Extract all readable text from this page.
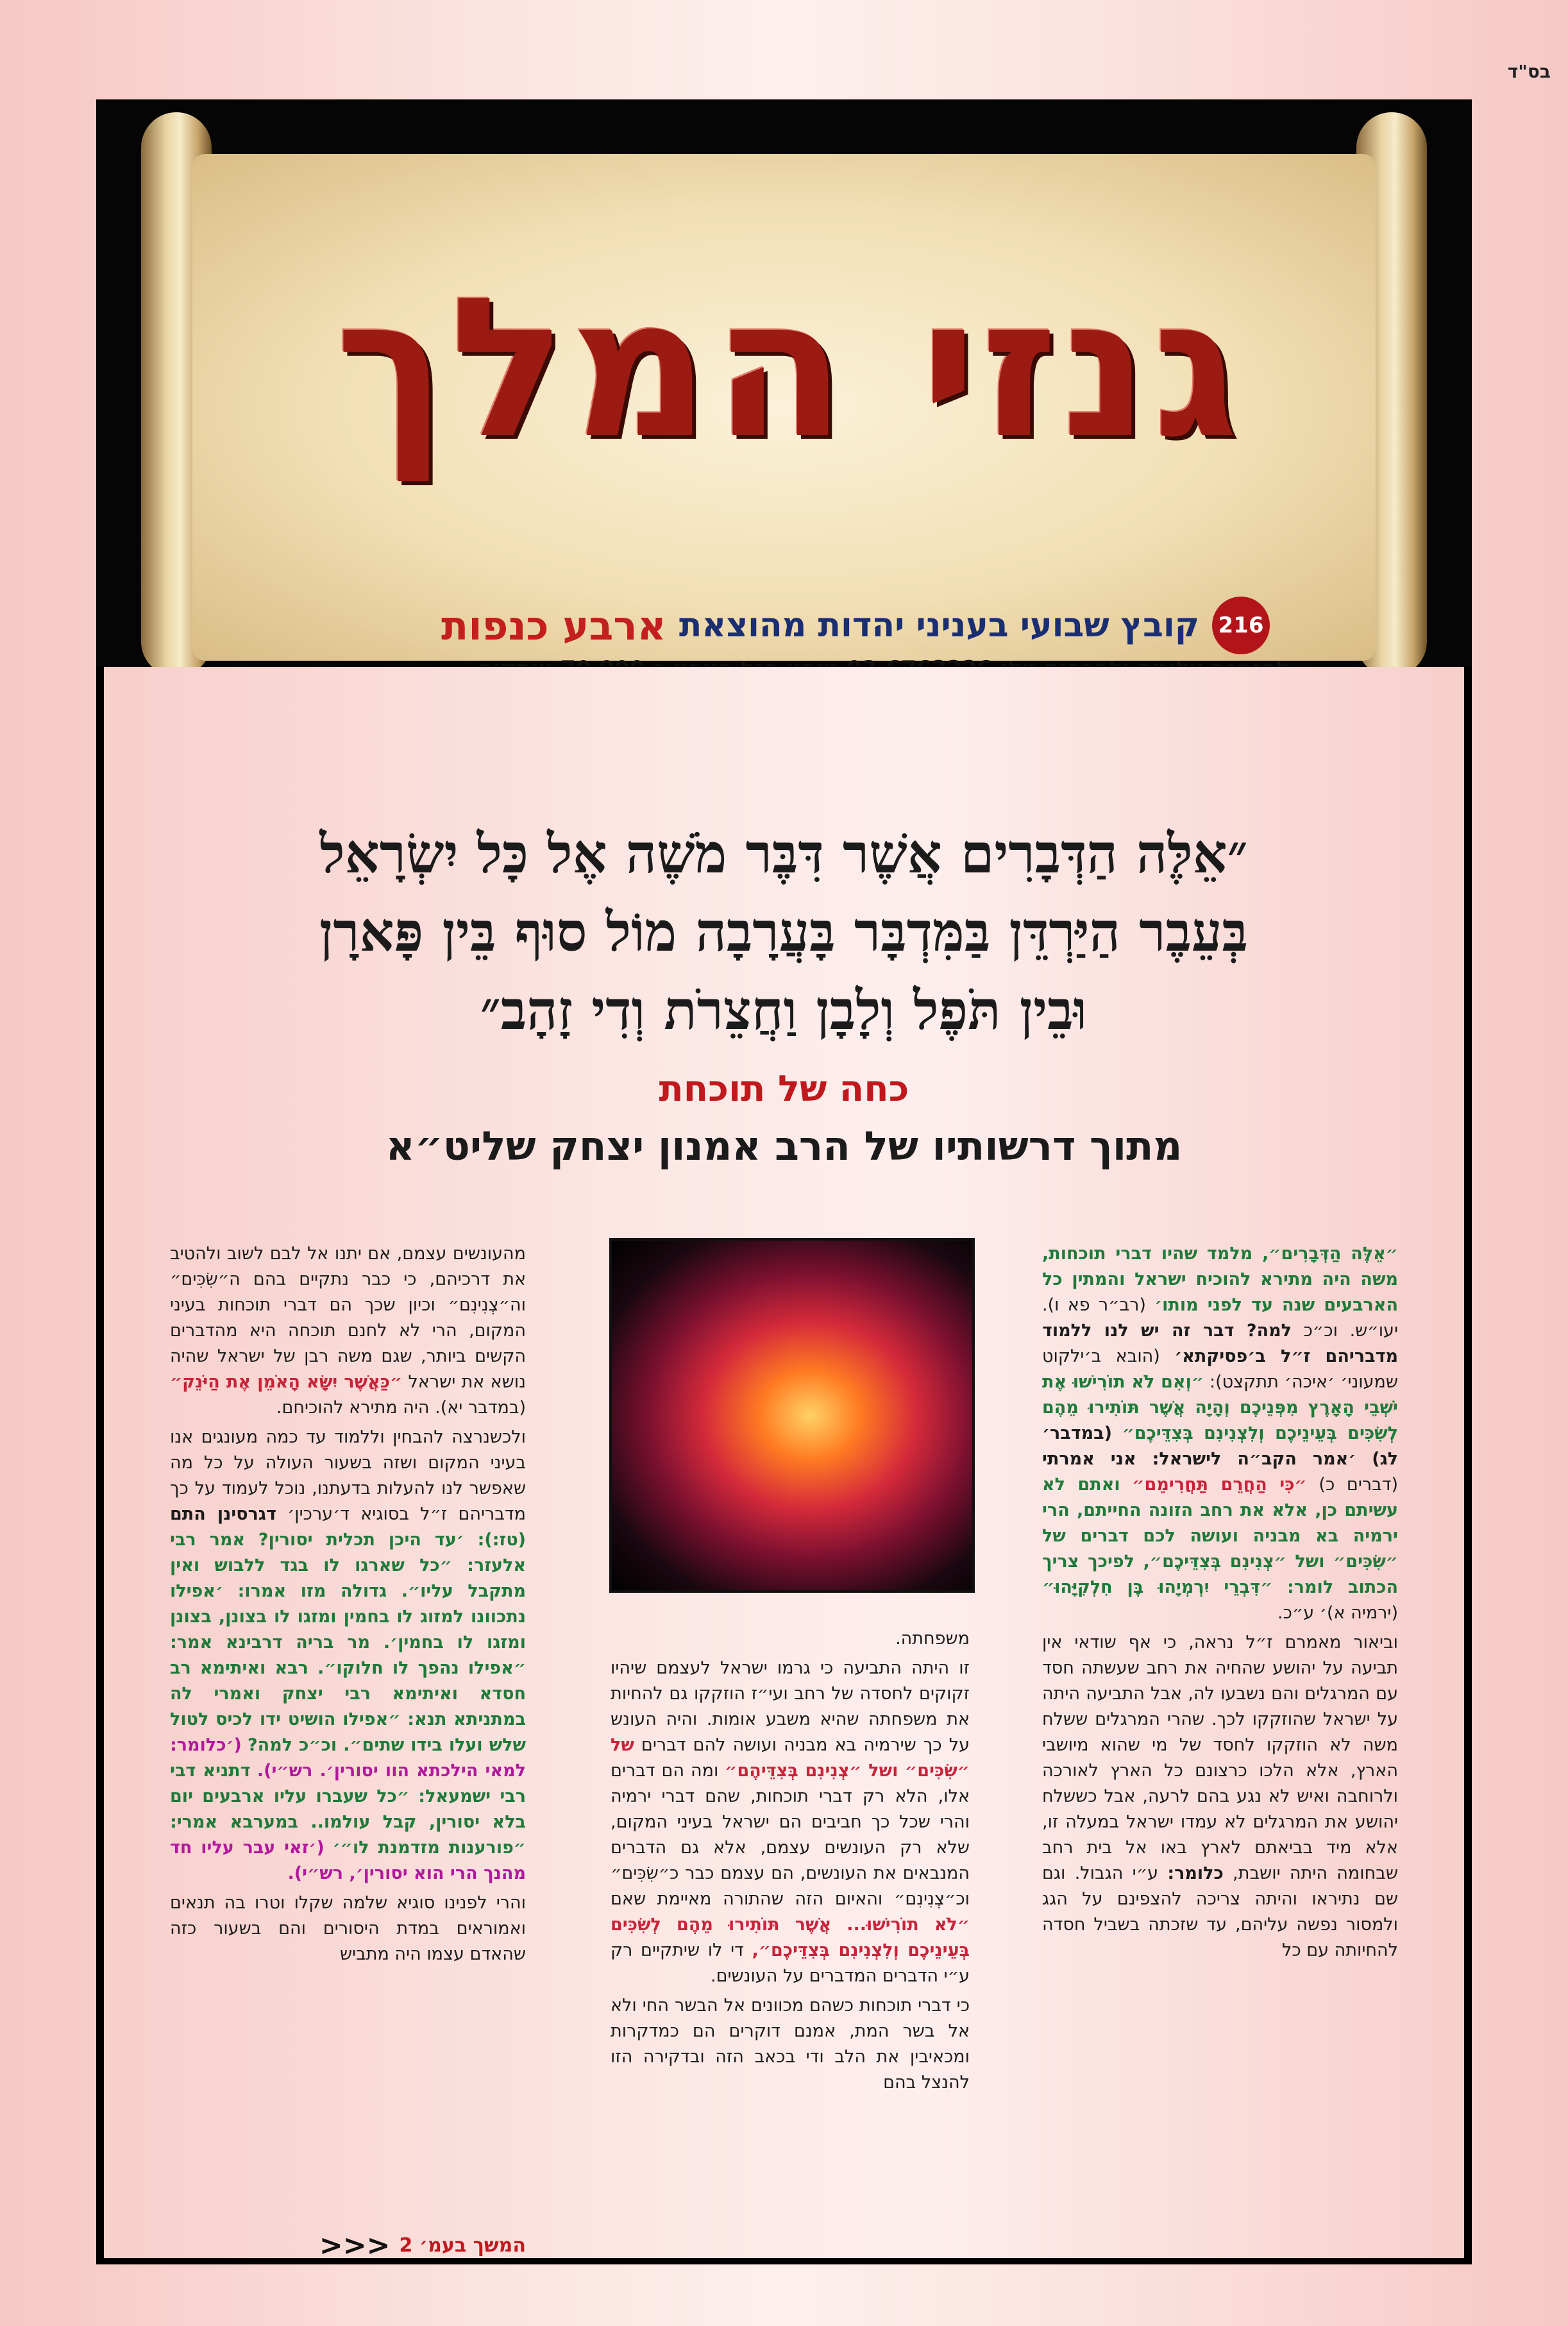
בס"ד
גנזי המלך
216
קובץ שבועי בעניני יהדות מהוצאת
ארבע כנפות
״אֵלֶּה הַדְּבָרִים אֲשֶׁר דִּבֶּר מֹשֶׁה אֶל כָּל יִשְׂרָאֵל
בְּעֵבֶר הַיַּרְדֵּן בַּמִּדְבָּר בָּעֲרָבָה מוֹל סוּף בֵּין פָּארָן
וּבֵין תֹּפֶל וְלָבָן וַחֲצֵרֹת וְדִי זָהָב״
כחה של תוכחת
מתוך דרשותיו של הרב אמנון יצחק שליט״א

״אֵלֶּה הַדְּבָרִים״, מלמד שהיו דברי תוכחות, משה היה מתירא להוכיח ישראל והמתין כל הארבעים שנה עד לפני מותו׳ (רב״ר פא ו). יעו״ש. וכ״כ למה? דבר זה יש לנו ללמוד מדבריהם ז״ל ב׳פסיקתא׳ (הובא ב׳ילקוט שמעוני׳ ׳איכה׳ תתקצט): ״וְאִם לֹא תוֹרִישׁוּ אֶת יֹשְׁבֵי הָאָרֶץ מִפְּנֵיכֶם וְהָיָה אֲשֶׁר תּוֹתִירוּ מֵהֶם לְשִׂכִּים בְּעֵינֵיכֶם וְלִצְנִינִם בְּצִדֵּיכֶם״ (במדבר׳ לג) ׳אמר הקב״ה לישראל: אני אמרתי (דברים כ) ״כִּי הַחֲרֵם תַּחֲרִימֵם״ ואתם לא עשיתם כן, אלא את רחב הזונה החייתם, הרי ירמיה בא מבניה ועושה לכם דברים של ״שִׂכִּים״ ושל ״צְנִינִם בְּצִדֵּיכֶם״, לפיכך צריך הכתוב לומר: ״דִּבְרֵי יִרְמְיָהוּ בֶּן חִלְקִיָּהוּ״ (ירמיה א)׳ ע״כ.

וביאור מאמרם ז״ל נראה, כי אף שודאי אין תביעה על יהושע שהחיה את רחב שעשתה חסד עם המרגלים והם נשבעו לה, אבל התביעה היתה על ישראל שהוזקקו לכך. שהרי המרגלים ששלח משה לא הוזקקו לחסד של מי שהוא מיושבי הארץ, אלא הלכו כרצונם כל הארץ לאורכה ולרוחבה ואיש לא נגע בהם לרעה, אבל כששלח יהושע את המרגלים לא עמדו ישראל במעלה זו, אלא מיד בביאתם לארץ באו אל בית רחב שבחומה היתה יושבת, כלומר: ע״י הגבול. וגם שם נתיראו והיתה צריכה להצפינם על הגג ולמסור נפשה עליהם, עד שזכתה בשביל חסדה להחיותה עם כל

משפחתה.

זו היתה התביעה כי גרמו ישראל לעצמם שיהיו זקוקים לחסדה של רחב ועי״ז הוזקקו גם להחיות את משפחתה שהיא משבע אומות. והיה העונש על כך שירמיה בא מבניה ועושה להם דברים של ״שִׂכִּים״ ושל ״צְנִינִם בְּצִדֵּיהֶם״ ומה הם דברים אלו, הלא רק דברי תוכחות, שהם דברי ירמיה והרי שכל כך חביבים הם ישראל בעיני המקום, שלא רק העונשים עצמם, אלא גם הדברים המנבאים את העונשים, הם עצמם כבר כ״שִׂכִּים״ וכ״צְנִינִם״ והאיום הזה שהתורה מאיימת שאם ״לֹא תוֹרִישׁוּ... אֲשֶׁר תּוֹתִירוּ מֵהֶם לְשִׂכִּים בְּעֵינֵיכֶם וְלִצְנִינִם בְּצִדֵּיכֶם״, די לו שיתקיים רק ע״י הדברים המדברים על העונשים.

כי דברי תוכחות כשהם מכוונים אל הבשר החי ולא אל בשר המת, אמנם דוקרים הם כמדקרות ומכאיבין את הלב ודי בכאב הזה ובדקירה הזו להנצל בהם

מהעונשים עצמם, אם יתנו אל לבם לשוב ולהטיב את דרכיהם, כי כבר נתקיים בהם ה״שִׂכִּים״ וה״צְנִינִם״ וכיון שכך הם דברי תוכחות בעיני המקום, הרי לא לחנם תוכחה היא מהדברים הקשים ביותר, שגם משה רבן של ישראל שהיה נושא את ישראל ״כַּאֲשֶׁר יִשָּׂא הָאֹמֵן אֶת הַיֹּנֵק״ (במדבר יא). היה מתירא להוכיחם.

ולכשנרצה להבחין וללמוד עד כמה מעונגים אנו בעיני המקום ושזה בשעור העולה על כל מה שאפשר לנו להעלות בדעתנו, נוכל לעמוד על כך מדבריהם ז״ל בסוגיא ד׳ערכין׳ דגרסינן התם (טז:): ׳עד היכן תכלית יסורין? אמר רבי אלעזר: ״כל שארגו לו בגד ללבוש ואין מתקבל עליו״. גדולה מזו אמרו: ׳אפילו נתכוונו למזוג לו בחמין ומזגו לו בצונן, בצונן ומזגו לו בחמין׳. מר בריה דרבינא אמר: ״אפילו נהפך לו חלוקו״. רבא ואיתימא רב חסדא ואיתימא רבי יצחק ואמרי לה במתניתא תנא: ״אפילו הושיט ידו לכיס לטול שלש ועלו בידו שתים״. וכ״כ למה? (׳כלומר: למאי הילכתא הוו יסורין׳. רש״י). דתניא דבי רבי ישמעאל: ״כל שעברו עליו ארבעים יום בלא יסורין, קבל עולמו.. במערבא אמרי: ״פורענות מזדמנת לו״׳ (׳זאי עבר עליו חד מהנך הרי הוא יסורין׳, רש״י).

והרי לפנינו סוגיא שלמה שקלו וטרו בה תנאים ואמוראים במדת היסורים והם בשעור כזה שהאדם עצמו היה מתביש

המשך בעמ׳ 2
<<<
